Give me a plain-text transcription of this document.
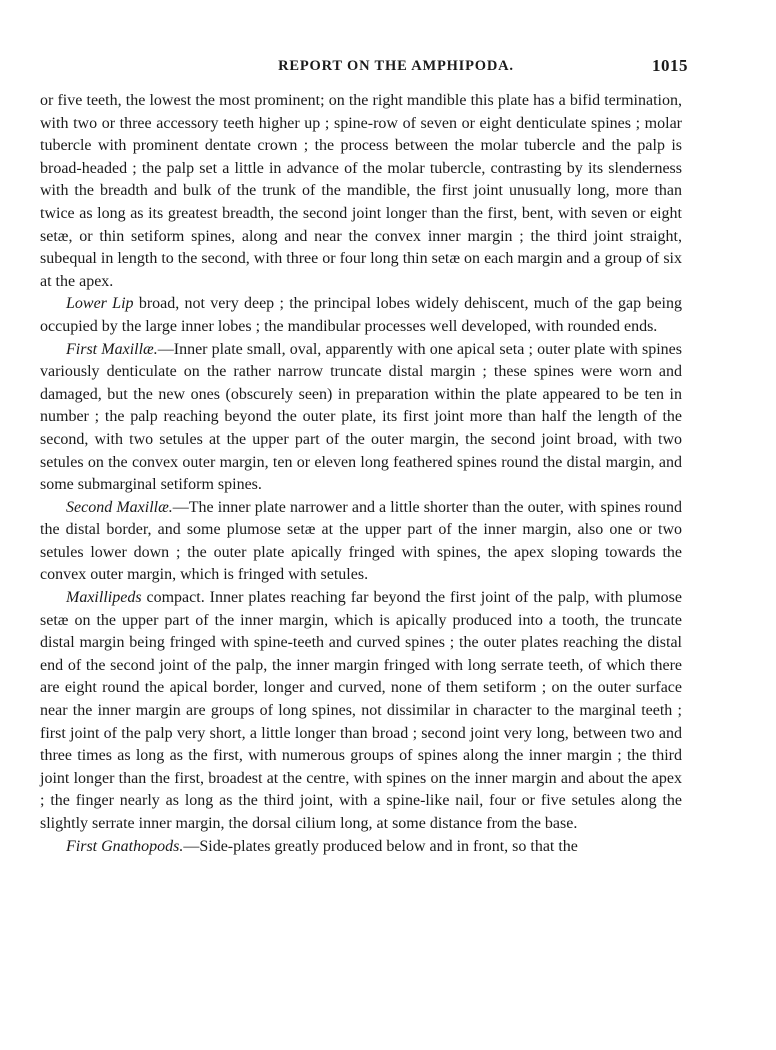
REPORT ON THE AMPHIPODA.	1015

or five teeth, the lowest the most prominent; on the right mandible this plate has a bifid termination, with two or three accessory teeth higher up ; spine-row of seven or eight denticulate spines ; molar tubercle with prominent dentate crown ; the process between the molar tubercle and the palp is broad-headed ; the palp set a little in advance of the molar tubercle, contrasting by its slenderness with the breadth and bulk of the trunk of the mandible, the first joint unusually long, more than twice as long as its greatest breadth, the second joint longer than the first, bent, with seven or eight setæ, or thin setiform spines, along and near the convex inner margin ; the third joint straight, subequal in length to the second, with three or four long thin setæ on each margin and a group of six at the apex.

Lower Lip broad, not very deep ; the principal lobes widely dehiscent, much of the gap being occupied by the large inner lobes ; the mandibular processes well developed, with rounded ends.

First Maxillæ.—Inner plate small, oval, apparently with one apical seta ; outer plate with spines variously denticulate on the rather narrow truncate distal margin ; these spines were worn and damaged, but the new ones (obscurely seen) in preparation within the plate appeared to be ten in number ; the palp reaching beyond the outer plate, its first joint more than half the length of the second, with two setules at the upper part of the outer margin, the second joint broad, with two setules on the convex outer margin, ten or eleven long feathered spines round the distal margin, and some submarginal setiform spines.

Second Maxillæ.—The inner plate narrower and a little shorter than the outer, with spines round the distal border, and some plumose setæ at the upper part of the inner margin, also one or two setules lower down ; the outer plate apically fringed with spines, the apex sloping towards the convex outer margin, which is fringed with setules.

Maxillipeds compact. Inner plates reaching far beyond the first joint of the palp, with plumose setæ on the upper part of the inner margin, which is apically produced into a tooth, the truncate distal margin being fringed with spine-teeth and curved spines ; the outer plates reaching the distal end of the second joint of the palp, the inner margin fringed with long serrate teeth, of which there are eight round the apical border, longer and curved, none of them setiform ; on the outer surface near the inner margin are groups of long spines, not dissimilar in character to the marginal teeth ; first joint of the palp very short, a little longer than broad ; second joint very long, between two and three times as long as the first, with numerous groups of spines along the inner margin ; the third joint longer than the first, broadest at the centre, with spines on the inner margin and about the apex ; the finger nearly as long as the third joint, with a spine-like nail, four or five setules along the slightly serrate inner margin, the dorsal cilium long, at some distance from the base.

First Gnathopods.—Side-plates greatly produced below and in front, so that the
